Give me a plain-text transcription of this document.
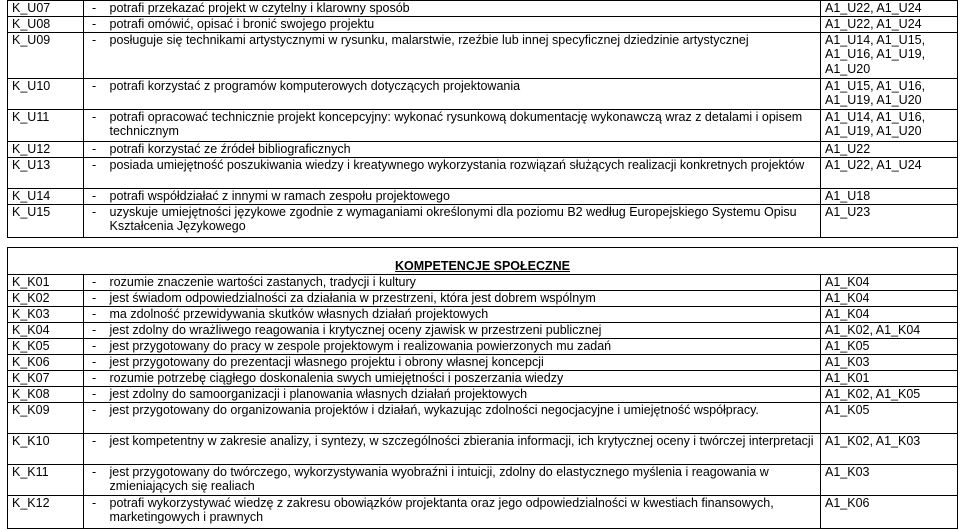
K_U07	-	potrafi przekazać projekt w czytelny i klarowny sposób	A1_U22, A1_U24
K_U08	-	potrafi omówić, opisać i bronić swojego projektu	A1_U22, A1_U24
K_U09	-	posługuje się technikami artystycznymi w rysunku, malarstwie, rzeźbie lub innej specyficznej dziedzinie artystycznej	A1_U14, A1_U15, A1_U16, A1_U19, A1_U20
K_U10	-	potrafi korzystać z programów komputerowych dotyczących projektowania	A1_U15, A1_U16, A1_U19, A1_U20
K_U11	-	potrafi opracować technicznie projekt koncepcyjny: wykonać rysunkową dokumentację wykonawczą wraz z detalami i opisem technicznym	A1_U14, A1_U16, A1_U19, A1_U20
K_U12	-	potrafi korzystać ze źródeł bibliograficznych	A1_U22
K_U13	-	posiada umiejętność poszukiwania wiedzy i kreatywnego wykorzystania rozwiązań służących realizacji konkretnych projektów	A1_U22, A1_U24
K_U14	-	potrafi współdziałać z innymi w ramach zespołu projektowego	A1_U18
K_U15	-	uzyskuje umiejętności językowe zgodnie z wymaganiami określonymi dla poziomu B2 według Europejskiego Systemu Opisu Kształcenia Językowego	A1_U23
KOMPETENCJE SPOŁECZNE			
K_K01	-	rozumie znaczenie wartości zastanych, tradycji i kultury	A1_K04
K_K02	-	jest świadom odpowiedzialności za działania w przestrzeni, która jest dobrem wspólnym	A1_K04
K_K03	-	ma zdolność przewidywania skutków własnych działań projektowych	A1_K04
K_K04	-	jest zdolny do wrażliwego reagowania i krytycznej oceny zjawisk w przestrzeni publicznej	A1_K02, A1_K04
K_K05	-	jest przygotowany do pracy w zespole projektowym i realizowania powierzonych mu zadań	A1_K05
K_K06	-	jest przygotowany do prezentacji własnego projektu i obrony własnej koncepcji	A1_K03
K_K07	-	rozumie potrzebę ciągłego doskonalenia swych umiejętności i poszerzania wiedzy	A1_K01
K_K08	-	jest zdolny do samoorganizacji i planowania własnych działań projektowych	A1_K02, A1_K05
K_K09	-	jest przygotowany do organizowania projektów i działań, wykazując zdolności negocjacyjne i umiejętność współpracy.	A1_K05
K_K10	-	jest kompetentny w zakresie analizy, i syntezy, w szczególności zbierania informacji, ich krytycznej oceny i twórczej interpretacji	A1_K02, A1_K03
K_K11	-	jest przygotowany do twórczego, wykorzystywania wyobraźni i intuicji, zdolny do elastycznego myślenia i reagowania w zmieniających się realiach	A1_K03
K_K12	-	potrafi wykorzystywać wiedzę z zakresu obowiązków projektanta oraz jego odpowiedzialności w kwestiach finansowych, marketingowych i prawnych	A1_K06
